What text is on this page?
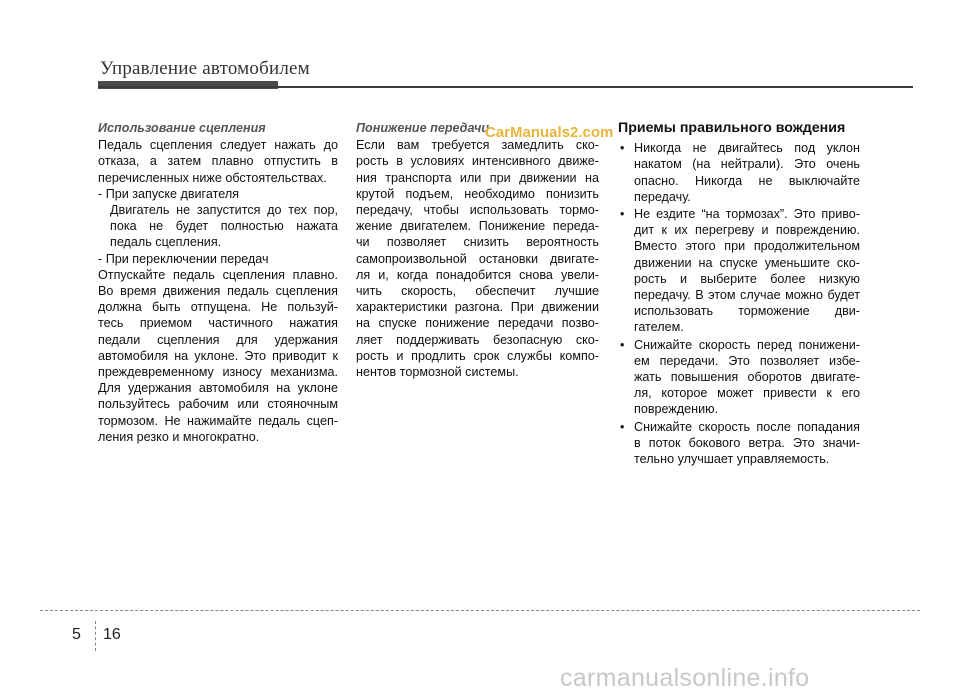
Управление автомобилем
Использование сцепления

Педаль сцепления следует нажать до отказа, а затем плавно отпустить в перечисленных ниже обстоятельствах.

- При запуске двигателя

Двигатель не запустится до тех пор, пока не будет полностью нажата педаль сцепления.

- При переключении передач

Отпускайте педаль сцепления плавно. Во время движения педаль сцепления должна быть отпущена. Не пользуй- тесь приемом частичного нажатия педали сцепления для удержания автомобиля на уклоне. Это приводит к преждевременному износу механизма. Для удержания автомобиля на уклоне пользуйтесь рабочим или стояночным тормозом. Не нажимайте педаль сцеп- ления резко и многократно.

Понижение передачи

Если вам требуется замедлить ско- рость в условиях интенсивного движе- ния транспорта или при движении на крутой подъем, необходимо понизить передачу, чтобы использовать тормо- жение двигателем. Понижение переда- чи позволяет снизить вероятность самопроизвольной остановки двигате- ля и, когда понадобится снова увели- чить скорость, обеспечит лучшие характеристики разгона. При движении на спуске понижение передачи позво- ляет поддерживать безопасную ско- рость и продлить срок службы компо- нентов тормозной системы.

CarManuals2.com Приемы правильного вождения
• Никогда не двигайтесь под уклон накатом (на нейтрали). Это очень опасно. Никогда не выключайте передачу.
• Не ездите “на тормозах”. Это приво- дит к их перегреву и повреждению. Вместо этого при продолжительном движении на спуске уменьшите ско- рость и выберите более низкую передачу. В этом случае можно будет использовать торможение дви- гателем.
• Снижайте скорость перед понижени- ем передачи. Это позволяет избе- жать повышения оборотов двигате- ля, которое может привести к его повреждению.
• Снижайте скорость после попадания в поток бокового ветра. Это значи- тельно улучшает управляемость.
5 16
carmanualsonline.info
